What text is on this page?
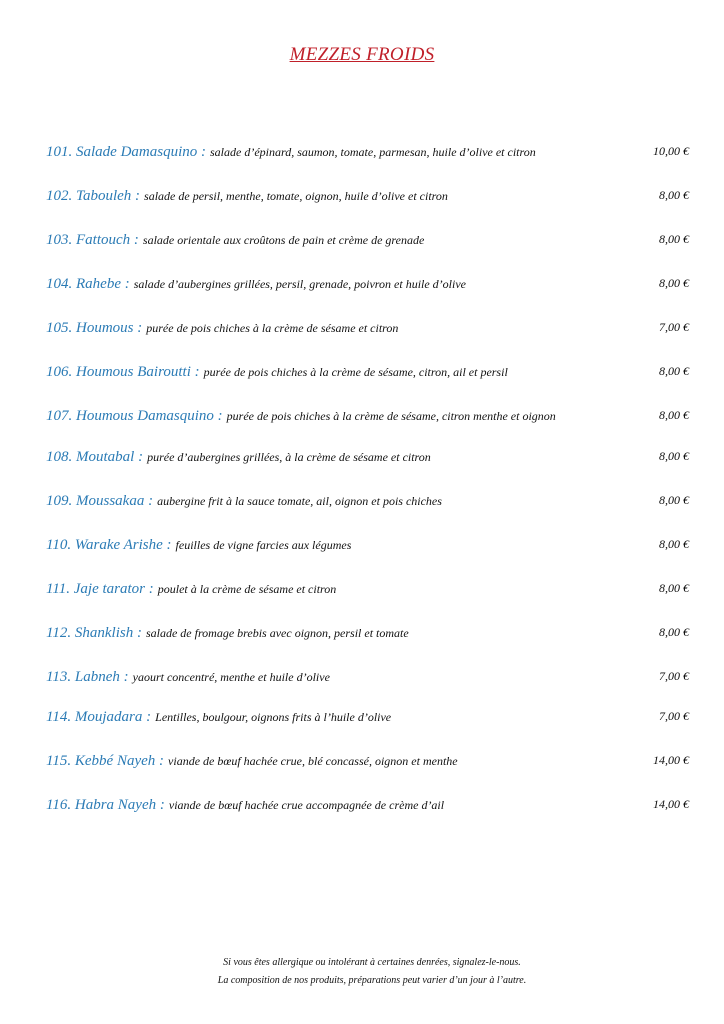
MEZZES FROIDS
101. Salade Damasquino : salade d’épinard, saumon, tomate, parmesan, huile d’olive et citron	10,00 €
102. Tabouleh : salade de persil, menthe, tomate, oignon, huile d’olive et citron	8,00 €
103. Fattouch : salade orientale aux croûtons de pain et crème de grenade	8,00 €
104. Rahebe : salade d’aubergines grillées, persil, grenade, poivron et huile d’olive	8,00 €
105. Houmous : purée de pois chiches à la crème de sésame et citron	7,00 €
106. Houmous Bairoutti : purée de pois chiches à la crème de sésame, citron, ail et persil	8,00 €
107. Houmous Damasquino : purée de pois chiches à la crème de sésame, citron menthe et oignon	8,00 €
108. Moutabal : purée d’aubergines grillées, à la crème de sésame et citron	8,00 €
109. Moussakaa : aubergine frit à la sauce tomate, ail, oignon et pois chiches	8,00 €
110. Warake Arishe : feuilles de vigne farcies aux légumes	8,00 €
111. Jaje tarator : poulet à la crème de sésame et citron	8,00 €
112. Shanklish : salade de fromage brebis avec oignon, persil et tomate	8,00 €
113. Labneh : yaourt concentré, menthe et huile d’olive	7,00 €
114. Moujadara : Lentilles, boulgour, oignons frits à l’huile d’olive	7,00 €
115. Kebbé Nayeh : viande de bœuf hachée crue, blé concassé, oignon et menthe	14,00 €
116. Habra Nayeh : viande de bœuf hachée crue accompagnée de crème d’ail	14,00 €
Si vous êtes allergique ou intolérant à certaines denrées, signalez-le-nous.
La composition de nos produits, préparations peut varier d’un jour à l’autre.
